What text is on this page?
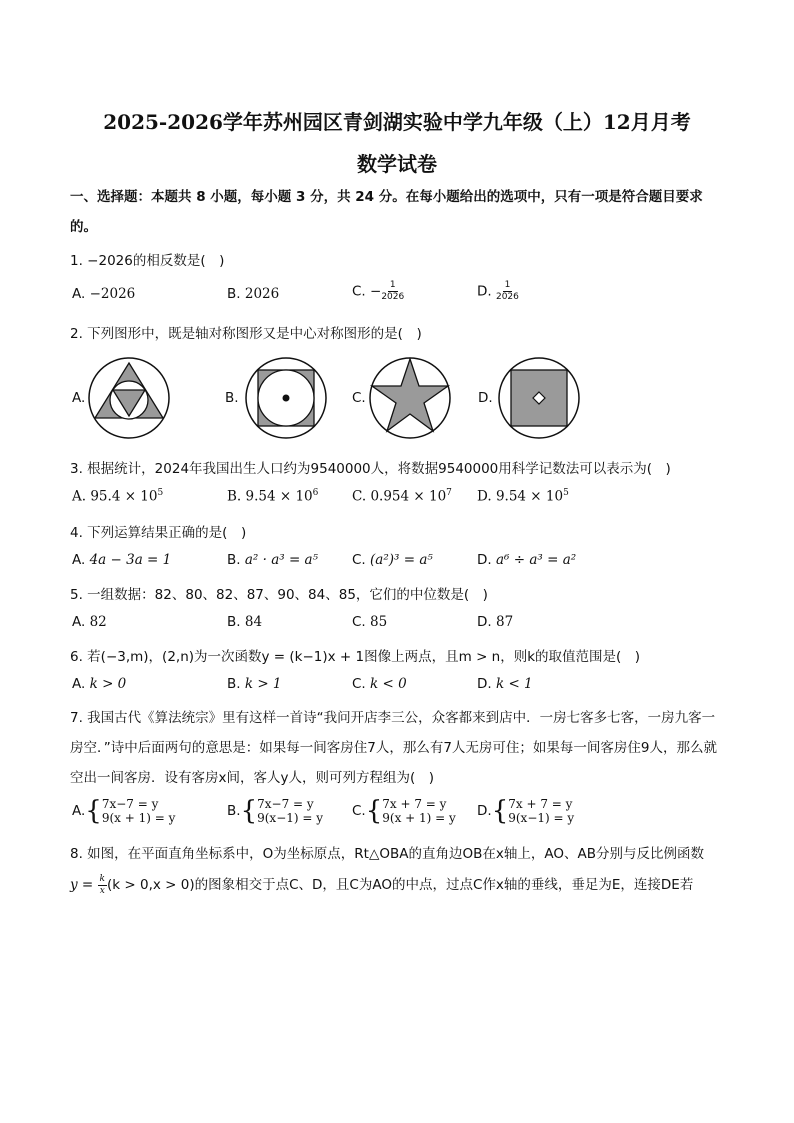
2025-2026学年苏州园区青剑湖实验中学九年级（上）12月月考
数学试卷
一、选择题：本题共 8 小题，每小题 3 分，共 24 分。在每小题给出的选项中，只有一项是符合题目要求的。
1. −2026的相反数是(　)
A. −2026	B. 2026	C. − $\frac{1}{2026}$	D. $\frac{1}{2026}$
2. 下列图形中，既是轴对称图形又是中心对称图形的是(　)
A.	B.	C.	D.
3. 根据统计，2024年我国出生人口约为9540000人，将数据9540000用科学记数法可以表示为(　)
A. $95.4 \times 10^5$	B. $9.54 \times 10^6$ C. $0.954 \times 10^7$ D. $9.54 \times 10^5$
4. 下列运算结果正确的是(　)
A. 4a − 3a = 1	B. a² · a³ = a⁵	C. (a²)³ = a⁵	D. a⁶ ÷ a³ = a²
5. 一组数据：82、80、82、87、90、84、85，它们的中位数是(　)
A. 82	B. 84	C. 85	D. 87
6. 若(−3,m)，(2,n)为一次函数y = (k−1)x + 1图像上两点，且m > n，则k的取值范围是(　)
A. k > 0	B. k > 1	C. k < 0	D. k < 1
7. 我国古代《算法统宗》里有这样一首诗“我问开店李三公，众客都来到店中．一房七客多七客，一房九客一房空．”诗中后面两句的意思是：如果每一间客房住7人，那么有7人无房可住；如果每一间客房住9人，那么就空出一间客房．设有客房x间，客人y人，则可列方程组为(　)
A. { 7x−7 = y
9(x + 1) = y	B. { 7x−7 = y
9(x−1) = y C. { 7x + 7 = y
9(x + 1) = y D. { 7x + 7 = y
9(x−1) = y
8. 如图，在平面直角坐标系中，O为坐标原点，Rt△OBA的直角边OB在x轴上，AO、AB分别与反比例函数
$y = \frac{k}{x} (k > 0,x > 0)$的图象相交于点C、D，且C为AO的中点，过点C作x轴的垂线，垂足为E，连接DE若
